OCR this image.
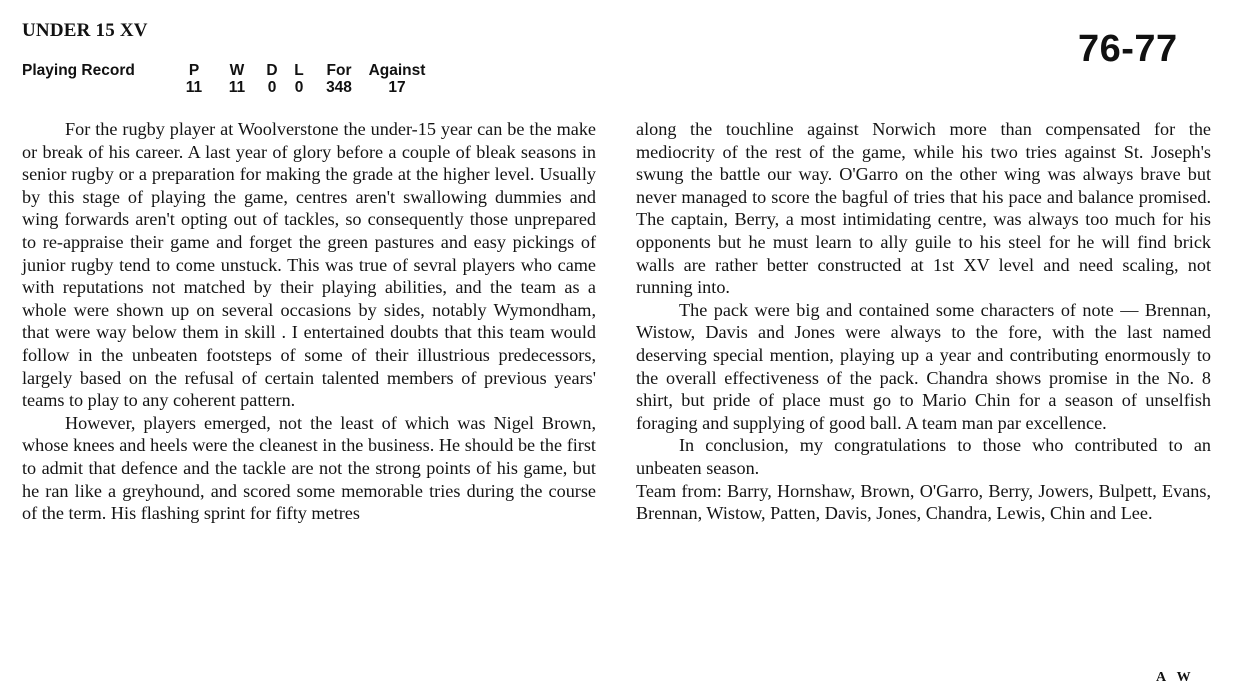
UNDER 15 XV	76-77
Playing Record	P
11
W
11
D
0
L
0
For
348
Against
17

For the rugby player at Woolverstone the under-15 year can be the make or break of his career. A last year of glory before a couple of bleak seasons in senior rugby or a preparation for making the grade at the higher level. Usually by this stage of playing the game, centres aren't swallowing dummies and wing forwards aren't opting out of tackles, so consequently those unprepared to re-appraise their game and forget the green pastures and easy pickings of junior rugby tend to come unstuck. This was true of sevral players who came with reputations not matched by their playing abilities, and the team as a whole were shown up on several occasions by sides, notably Wymondham, that were way below them in skill . I entertained doubts that this team would follow in the unbeaten footsteps of some of their illustrious predecessors, largely based on the refusal of certain talented members of previous years' teams to play to any coherent pattern.

However, players emerged, not the least of which was Nigel Brown, whose knees and heels were the cleanest in the business. He should be the first to admit that defence and the tackle are not the strong points of his game, but he ran like a greyhound, and scored some memorable tries during the course of the term. His flashing sprint for fifty metres

along the touchline against Norwich more than compensated for the mediocrity of the rest of the game, while his two tries against St. Joseph's swung the battle our way. O'Garro on the other wing was always brave but never managed to score the bagful of tries that his pace and balance promised. The captain, Berry, a most intimidating centre, was always too much for his opponents but he must learn to ally guile to his steel for he will find brick walls are rather better constructed at 1st XV level and need scaling, not running into.

The pack were big and contained some characters of note — Brennan, Wistow, Davis and Jones were always to the fore, with the last named deserving special mention, playing up a year and contributing enormously to the overall effectiveness of the pack. Chandra shows promise in the No. 8 shirt, but pride of place must go to Mario Chin for a season of unselfish foraging and supplying of good ball. A team man par excellence.

In conclusion, my congratulations to those who contributed to an unbeaten season.

Team from: Barry, Hornshaw, Brown, O'Garro, Berry, Jowers, Bulpett, Evans, Brennan, Wistow, Patten, Davis, Jones, Chandra, Lewis, Chin and Lee.

A W
